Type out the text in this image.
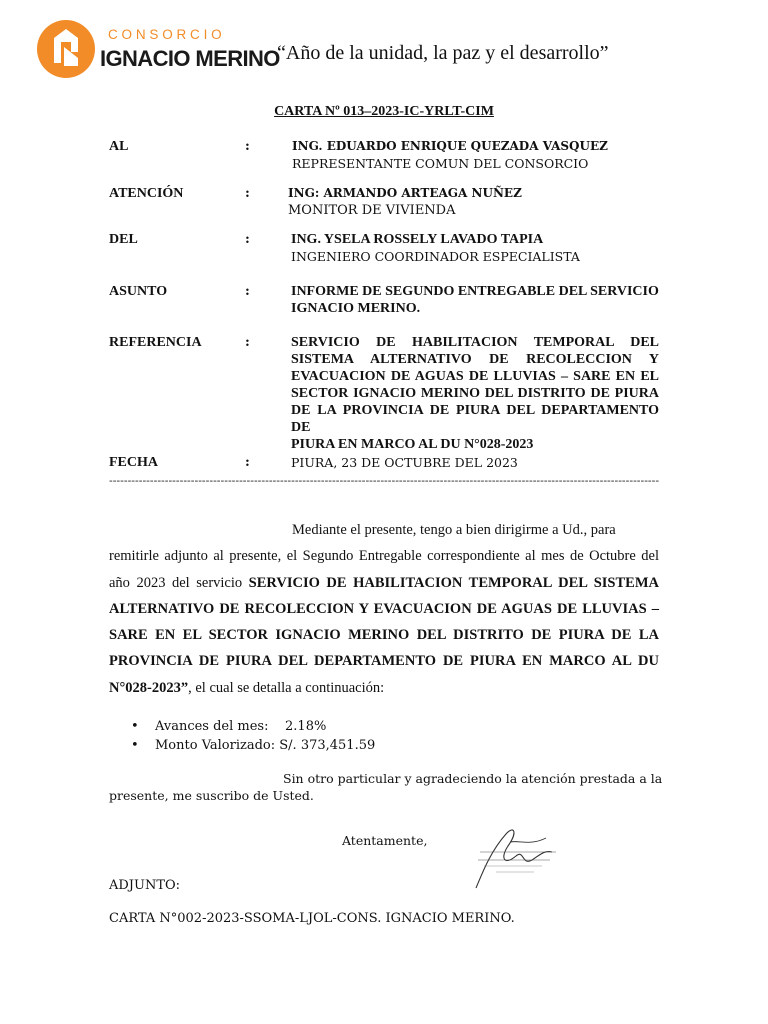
CONSORCIO
IGNACIO MERINO
“Año de la unidad, la paz y el desarrollo”
CARTA Nº 013–2023-IC-YRLT-CIM
AL	:	ING. EDUARDO ENRIQUE QUEZADA VASQUEZ
REPRESENTANTE COMUN DEL CONSORCIO
ATENCIÓN	:	ING: ARMANDO ARTEAGA NUÑEZ
MONITOR DE VIVIENDA
DEL	:	ING. YSELA ROSSELY LAVADO TAPIA
INGENIERO COORDINADOR ESPECIALISTA
ASUNTO	:	INFORME DE SEGUNDO ENTREGABLE DEL SERVICIO
IGNACIO MERINO.
REFERENCIA	:	SERVICIO DE HABILITACION TEMPORAL DEL
SISTEMA ALTERNATIVO DE RECOLECCION Y
EVACUACION DE AGUAS DE LLUVIAS – SARE EN EL
SECTOR IGNACIO MERINO DEL DISTRITO DE PIURA
DE LA PROVINCIA DE PIURA DEL DEPARTAMENTO DE
PIURA EN MARCO AL DU N°028-2023
FECHA	:	PIURA, 23 DE OCTUBRE DEL 2023
----------------------------------------------------------------------------------------------------------------------------------------------------
Mediante el presente, tengo a bien dirigirme a Ud., para
remitirle adjunto al presente, el Segundo Entregable correspondiente al mes de Octubre del año 2023 del servicio SERVICIO DE HABILITACION TEMPORAL DEL SISTEMA ALTERNATIVO DE RECOLECCION Y EVACUACION DE AGUAS DE LLUVIAS – SARE EN EL SECTOR IGNACIO MERINO DEL DISTRITO DE PIURA DE LA PROVINCIA DE PIURA DEL DEPARTAMENTO DE PIURA EN MARCO AL DU N°028-2023”, el cual se detalla a continuación:
• Avances del mes: 2.18%
• Monto Valorizado: S/. 373,451.59
Sin otro particular y agradeciendo la atención prestada a la
presente, me suscribo de Usted.
Atentamente,
ADJUNTO:
CARTA N°002-2023-SSOMA-LJOL-CONS. IGNACIO MERINO.
